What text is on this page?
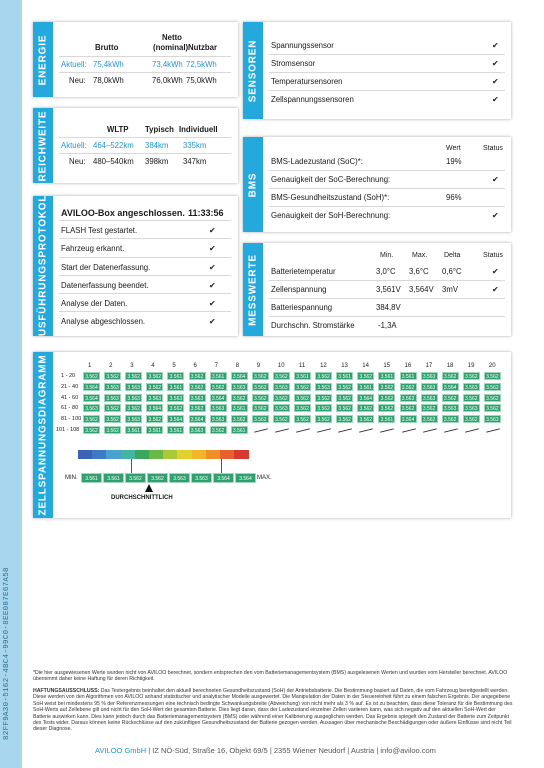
82FF9A30-5162-4BC4-99C0-8EE087E67A58
ENERGIE	Brutto
Netto
(nominal) Nutzbar
Aktuell: 75,4kWh	73,4kWh 72,5kWh
Neu: 78,0kWh	76,0kWh 75,0kWh
REICHWEITE	WLTP Typisch Individuell
Aktuell: 464–522km 384km 335km
Neu: 480–540km 398km 347km
AUSFÜHRUNGSPROTOKOLL AVILOO-Box angeschlossen. 11:33:56
FLASH Test gestartet.	✔
Fahrzeug erkannt.	✔
Start der Datenerfassung.	✔
Datenerfassung beendet.	✔
Analyse der Daten.	✔
Analyse abgeschlossen.	✔
SENSOREN Spannungssensor	✔
Stromsensor	✔
Temperatursensoren	✔
Zellspannungssensoren	✔
BMS
Wert	Status
BMS-Ladezustand (SoC)*:	19%
Genauigkeit der SoC-Berechnung:	✔
BMS-Gesundheitszustand (SoH)*:	96%
Genauigkeit der SoH-Berechnung:	✔
MESSWERTE	Min.	Max. Delta	Status
Batterietemperatur	3,0°C 3,6°C 0,6°C	✔
Zellenspannung	3,561V 3,564V 3mV	✔
Batteriespannung	384,8V
Durchschn. Stromstärke	-1,3A
ZELLSPANNUNGSDIAGRAMM	1	2	3	4	5	6	7	8	9	10 11 12 13 14 15 16 17 18 19 20
1 - 20	3.562	3.562	3.562	3.562	3.561	3.562	3.561	3.564	3.562	3.562	3.561	3.562	3.561	3.562	3.561	3.561	3.563	3.562	3.562	3.562
21 - 40	3.564	3.563	3.563	3.562	3.561	3.562	3.562	3.563	3.562	3.563	3.562	3.563	3.562	3.561	3.562	3.562	3.563	3.564	3.563	3.562
41 - 60	3.564	3.563	3.563	3.563	3.563	3.563	3.564	3.562	3.562	3.562	3.562	3.562	3.562	3.564	3.562	3.563	3.563	3.562	3.562	3.562
61 - 80	3.563	3.562	3.562	3.564	3.562	3.562	3.563	3.561	3.562	3.563	3.562	3.562	3.562	3.562	3.562	3.562	3.562	3.563	3.563	3.562
81 - 100 3.562	3.562	3.563	3.562	3.564	3.564	3.563	3.562	3.562	3.562	3.562	3.562	3.562	3.562	3.561	3.564	3.562	3.562	3.562	3.563
101 - 108	3.562	3.562	3.561	3.561	3.561	3.563	3.562	3.561
3.561	3.561	3.562	3.562	3.563	3.563	3.564	3.564
MIN.	MAX.
DURCHSCHNITTLICH
*Die hier ausgewiesenen Werte wurden nicht von AVILOO berechnet, sondern entsprechen den vom Batteriemanagementsystem (BMS) ausgelesenen Werten und wurden vom Hersteller berechnet. AVILOO übernimmt daher keine Haftung für deren Richtigkeit.
HAFTUNGSAUSSCHLUSS: Das Testergebnis beinhaltet den aktuell berechneten Gesundheitszustand (SoH) der Antriebsbatterie. Die Bestimmung basiert auf Daten, die vom Fahrzeug bereitgestellt werden. Diese werden von den Algorithmen von AVILOO anhand statistischer und analytischer Modelle ausgewertet. Die Manipulation der Daten in der Steuereinheit führt zu einem falschen Ergebnis. Der angegebene SoH weist bei mindestens 95 % der Referenzmessungen eine technisch bedingte Schwankungsbreite (Abweichung) von nicht mehr als 3 % auf. Es ist zu beachten, dass diese Toleranz für die Bestimmung des SoH-Werts auf Zellebene gilt und nicht für den SoH-Wert der gesamten Batterie. Dies liegt daran, dass der Ladezustand einzelner Zellen variieren kann, was sich negativ auf den aktuellen SoH-Wert der Batterie auswirken kann. Dies kann jedoch durch das Batteriemanagementsystem (BMS) oder während einer Kalibrierung ausgeglichen werden. Das Ergebnis spiegelt den Zustand der Batterie zum Zeitpunkt des Tests wider. Daraus können keine Rückschlüsse auf den zukünftigen Gesundheitszustand der Batterie gezogen werden. Aussagen über mechanische Beschädigungen oder äußere Einflüsse sind nicht Teil dieser Diagnose.
AVILOO GmbH | IZ NÖ-Süd, Straße 16, Objekt 69/5 | 2355 Wiener Neudorf | Austria | info@aviloo.com
